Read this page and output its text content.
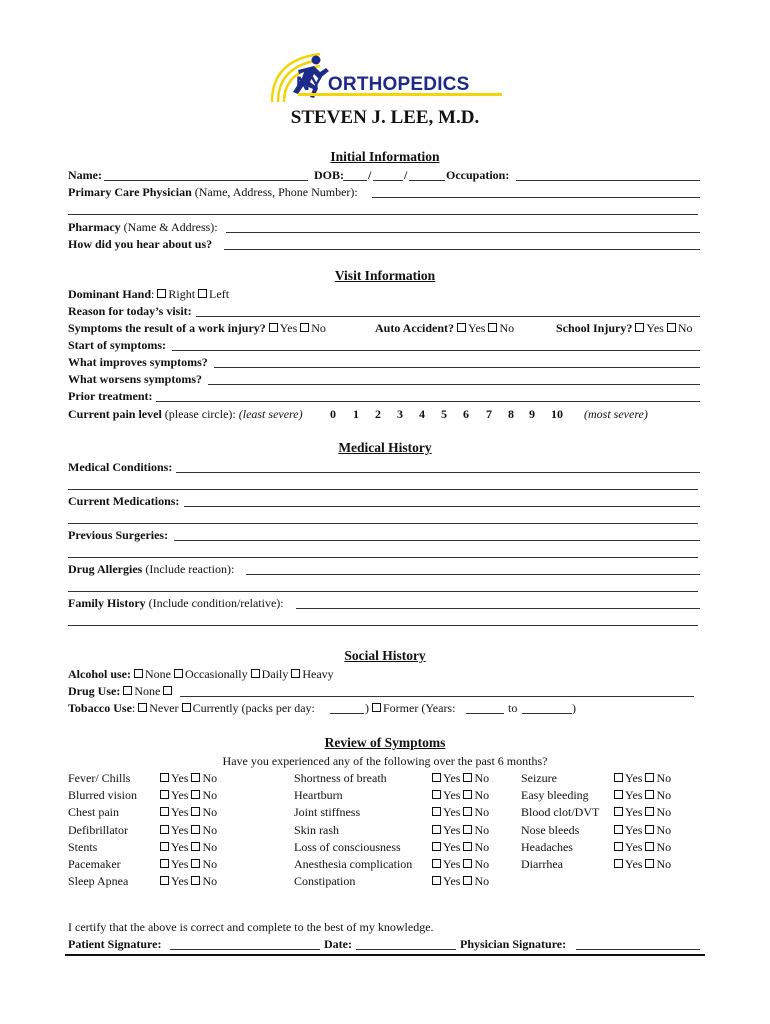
NY ORTHOPEDICS
STEVEN J. LEE, M.D.
Initial Information
Name:	DOB: /	/	Occupation:
Primary Care Physician (Name, Address, Phone Number):
Pharmacy (Name & Address):
How did you hear about us?
Visit Information
Dominant Hand: Right Left
Reason for today’s visit:
Symptoms the result of a work injury? Yes No	Auto Accident? Yes No	School Injury? Yes No
Start of symptoms:
What improves symptoms?
What worsens symptoms?
Prior treatment:
Current pain level (please circle): (least severe) 0 1 2 3 4 5 6 7 8 9 10 (most severe)
Medical History
Medical Conditions:
Current Medications:
Previous Surgeries:
Drug Allergies (Include reaction):
Family History (Include condition/relative):
Social History
Alcohol use: None Occasionally Daily Heavy
Drug Use: None
Tobacco Use: Never Currently (packs per day:	) Former (Years:	to	)
Review of Symptoms
Have you experienced any of the following over the past 6 months?
Fever/ Chills	Yes No
Blurred vision	Yes No
Chest pain	Yes No
Defibrillator	Yes No
Stents	Yes No
Pacemaker	Yes No
Sleep Apnea	Yes No
Shortness of breath	Yes No
Heartburn	Yes No
Joint stiffness	Yes No
Skin rash	Yes No
Loss of consciousness	Yes No
Anesthesia complication	Yes No
Constipation	Yes No
Seizure	Yes No
Easy bleeding	Yes No
Blood clot/DVT	Yes No
Nose bleeds	Yes No
Headaches	Yes No
Diarrhea	Yes No
I certify that the above is correct and complete to the best of my knowledge.
Patient Signature:	Date:	Physician Signature:
